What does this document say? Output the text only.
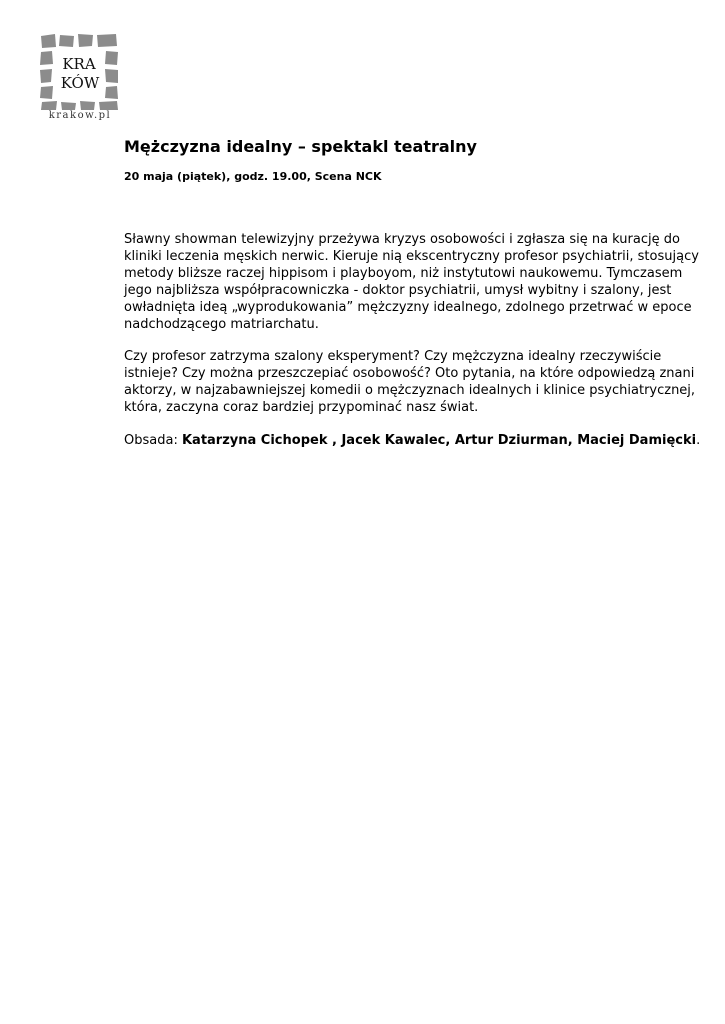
KRA
KÓW
krakow.pl
Mężczyzna idealny – spektakl teatralny
20 maja (piątek), godz. 19.00, Scena NCK

Sławny showman telewizyjny przeżywa kryzys osobowości i zgłasza się na kurację do kliniki leczenia męskich nerwic. Kieruje nią ekscentryczny profesor psychiatrii, stosujący metody bliższe raczej hippisom i playboyom, niż instytutowi naukowemu. Tymczasem jego najbliższa współpracowniczka - doktor psychiatrii, umysł wybitny i szalony, jest owładnięta ideą „wyprodukowania” mężczyzny idealnego, zdolnego przetrwać w epoce nadchodzącego matriarchatu.

Czy profesor zatrzyma szalony eksperyment? Czy mężczyzna idealny rzeczywiście istnieje? Czy można przeszczepiać osobowość? Oto pytania, na które odpowiedzą znani aktorzy, w najzabawniejszej komedii o mężczyznach idealnych i klinice psychiatrycznej, która, zaczyna coraz bardziej przypominać nasz świat.

Obsada: Katarzyna Cichopek , Jacek Kawalec, Artur Dziurman, Maciej Damięcki.
